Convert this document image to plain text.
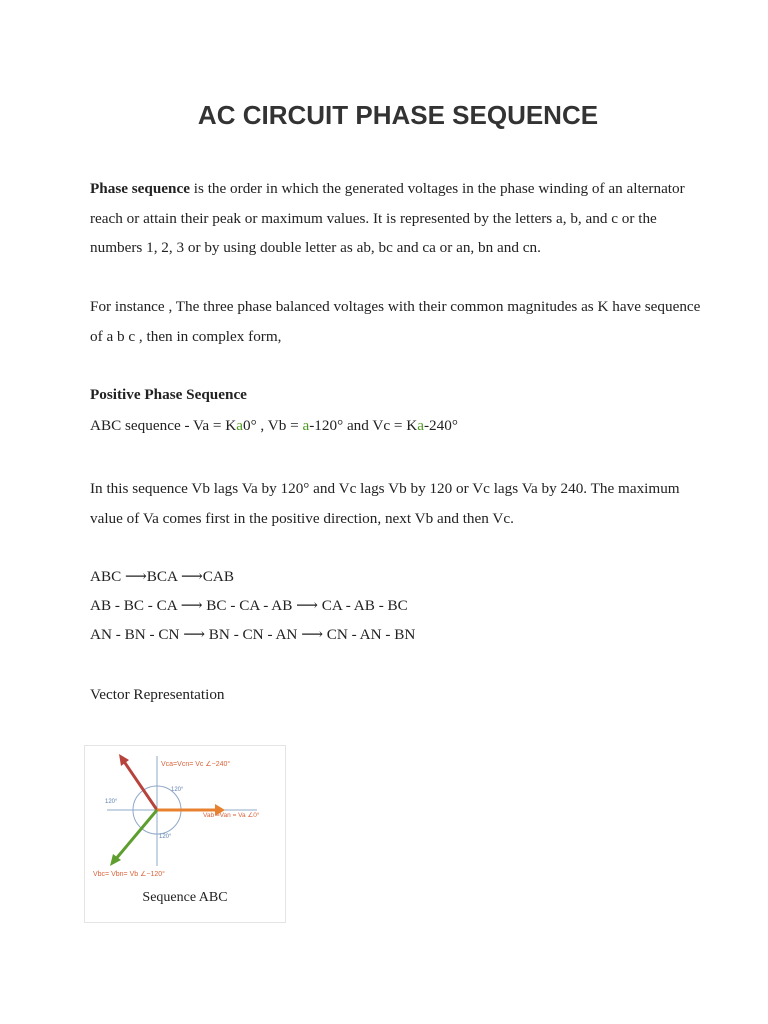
AC CIRCUIT PHASE SEQUENCE
Phase sequence is the order in which the generated voltages in the phase winding of an alternator reach or attain their peak or maximum values. It is represented by the letters a, b, and c or the numbers 1, 2, 3 or by using double letter as ab, bc and ca or an, bn and cn.
For instance , The three phase balanced voltages with their common magnitudes as K have sequence of a b c , then in complex form,
Positive Phase Sequence
ABC sequence - Va = Ka0° , Vb = a-120° and Vc = Ka-240°
In this sequence Vb lags Va by 120° and Vc lags Vb by 120 or Vc lags Va by 240. The maximum value of Va comes first in the positive direction, next Vb and then Vc.
ABC ⟶BCA ⟶CAB
AB - BC - CA ⟶ BC - CA - AB ⟶ CA - AB - BC
AN - BN - CN ⟶ BN - CN - AN ⟶ CN - AN - BN
Vector Representation
Vca=Vcn= Vc ∠−240°
Vab =Van = Va ∠0°
Vbc= Vbn= Vb ∠−120°
120°
120°
120°
Sequence ABC
